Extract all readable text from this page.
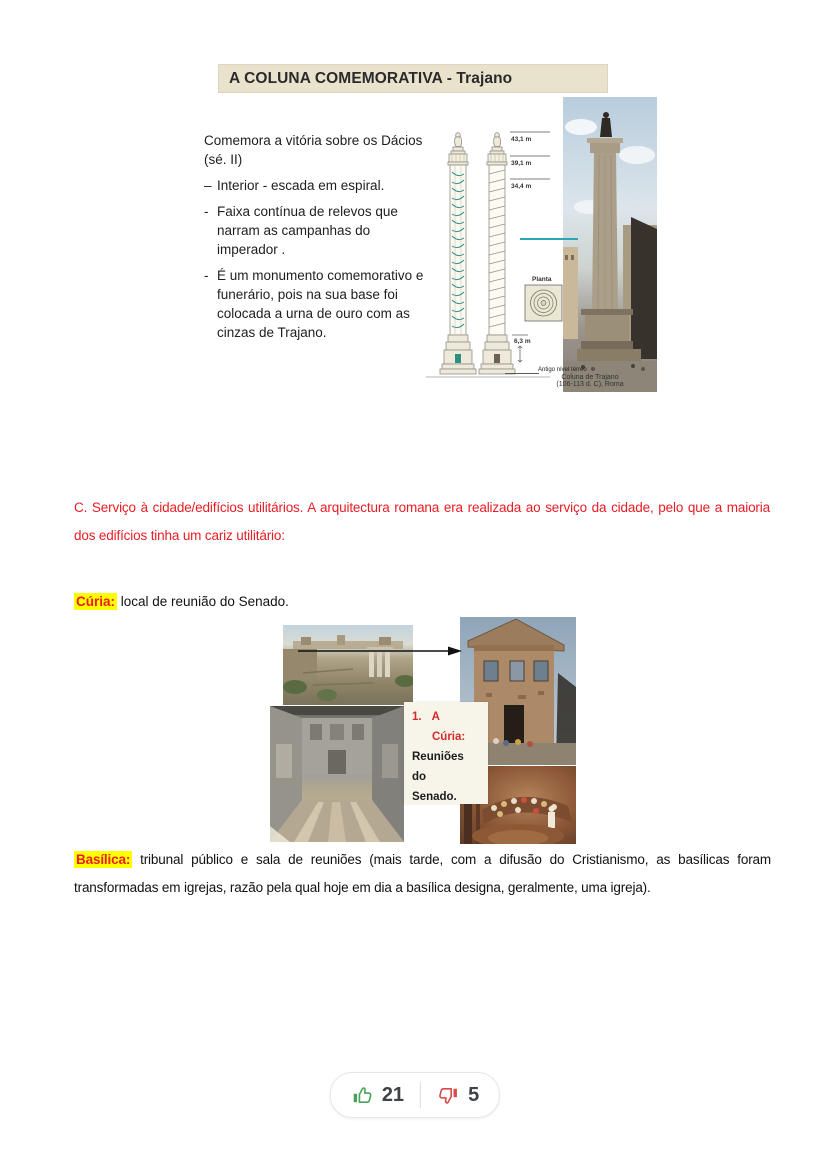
A COLUNA COMEMORATIVA - Trajano
Comemora a vitória sobre os Dácios (sé. II)
– Interior - escada em espiral.
- Faixa contínua de relevos que narram as campanhas do imperador .
- É um monumento comemorativo e funerário, pois na sua base foi colocada a urna de ouro com as cinzas de Trajano.
43,1 m
39,1 m
34,4 m
Planta
6,3 m
Antigo nível térreo
Coluna de Trajano
(106-113 d. C), Roma

C. Serviço à cidade/edifícios utilitários. A arquitectura romana era realizada ao serviço da cidade, pelo que a maioria dos edifícios tinha um cariz utilitário:

Cúria: local de reunião do Senado.

1. A
Cúria:
Reuniões
do
Senado.

Basílica: tribunal público e sala de reuniões (mais tarde, com a difusão do Cristianismo, as basílicas foram transformadas em igrejas, razão pela qual hoje em dia a basílica designa, geralmente, uma igreja).

21	5
